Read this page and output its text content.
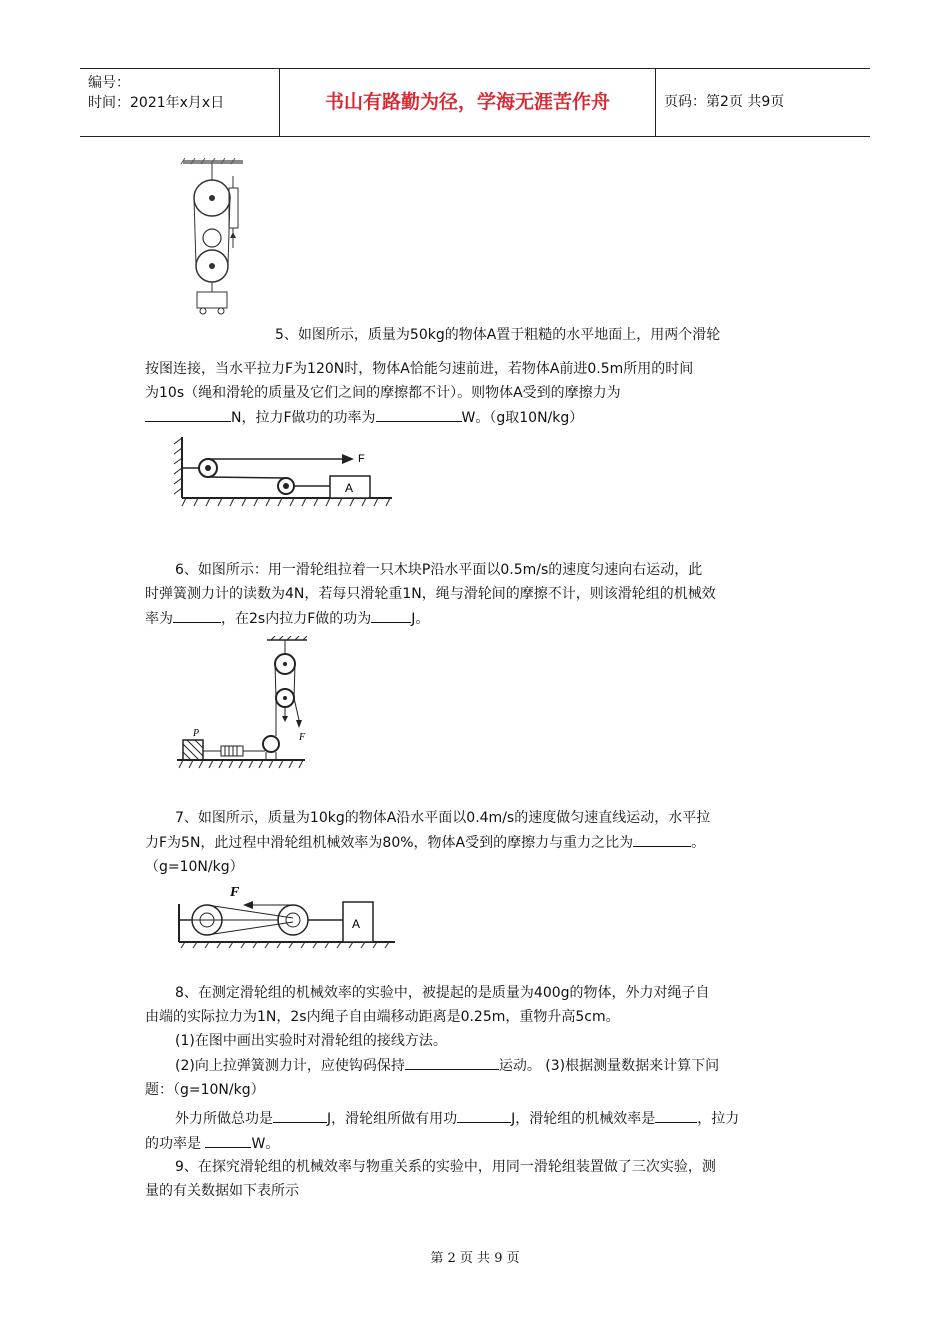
编号：
时间：2021年x月x日	书山有路勤为径，学海无涯苦作舟	页码：第2页 共9页

5、如图所示，质量为50kg的物体A置于粗糙的水平地面上，用两个滑轮

按图连接，当水平拉力F为120N时，物体A恰能匀速前进，若物体A前进0.5m所用的时间

为10s（绳和滑轮的质量及它们之间的摩擦都不计）。则物体A受到的摩擦力为

N，拉力F做功的功率为	W。（g取10N/kg）

F
A

6、如图所示：用一滑轮组拉着一只木块P沿水平面以0.5m/s的速度匀速向右运动，此

时弹簧测力计的读数为4N，若每只滑轮重1N，绳与滑轮间的摩擦不计，则该滑轮组的机械效

率为	，在2s内拉力F做的功为	J。

P	F

7、如图所示，质量为10kg的物体A沿水平面以0.4m/s的速度做匀速直线运动，水平拉

力F为5N，此过程中滑轮组机械效率为80%，物体A受到的摩擦力与重力之比为	。

（g=10N/kg）

F
A

8、在测定滑轮组的机械效率的实验中，被提起的是质量为400g的物体，外力对绳子自

由端的实际拉力为1N，2s内绳子自由端移动距离是0.25m，重物升高5cm。

(1)在图中画出实验时对滑轮组的接线方法。

(2)向上拉弹簧测力计，应使钩码保持	运动。 (3)根据测量数据来计算下问

题：（g=10N/kg）

外力所做总功是	J，滑轮组所做有用功	J，滑轮组的机械效率是	，拉力

的功率是	W。

9、在探究滑轮组的机械效率与物重关系的实验中，用同一滑轮组装置做了三次实验，测

量的有关数据如下表所示

第 2 页 共 9 页
